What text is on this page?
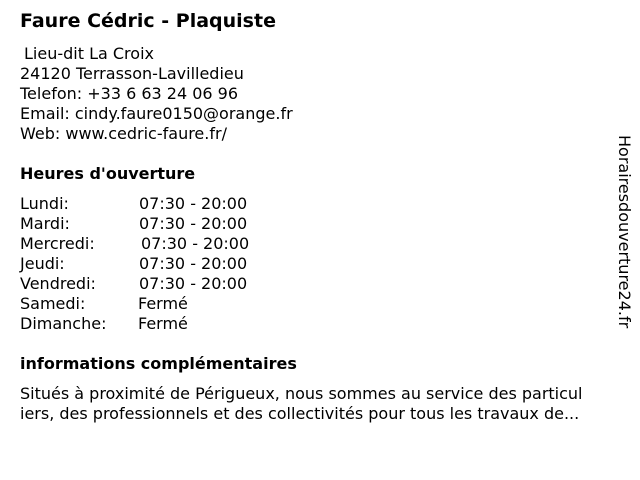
Faure Cédric - Plaquiste
Lieu-dit La Croix
24120 Terrasson-Lavilledieu
Telefon: +33 6 63 24 06 96
Email: cindy.faure0150@orange.fr
Web: www.cedric-faure.fr/
Heures d'ouverture
Lundi:	07:30 - 20:00
Mardi:	07:30 - 20:00
Mercredi:	07:30 - 20:00
Jeudi:	07:30 - 20:00
Vendredi:	07:30 - 20:00
Samedi:	Fermé
Dimanche: Fermé
informations complémentaires
Situés à proximité de Périgueux, nous sommes au service des particul
iers, des professionnels et des collectivités pour tous les travaux de...
Horairesdouverture24.fr
